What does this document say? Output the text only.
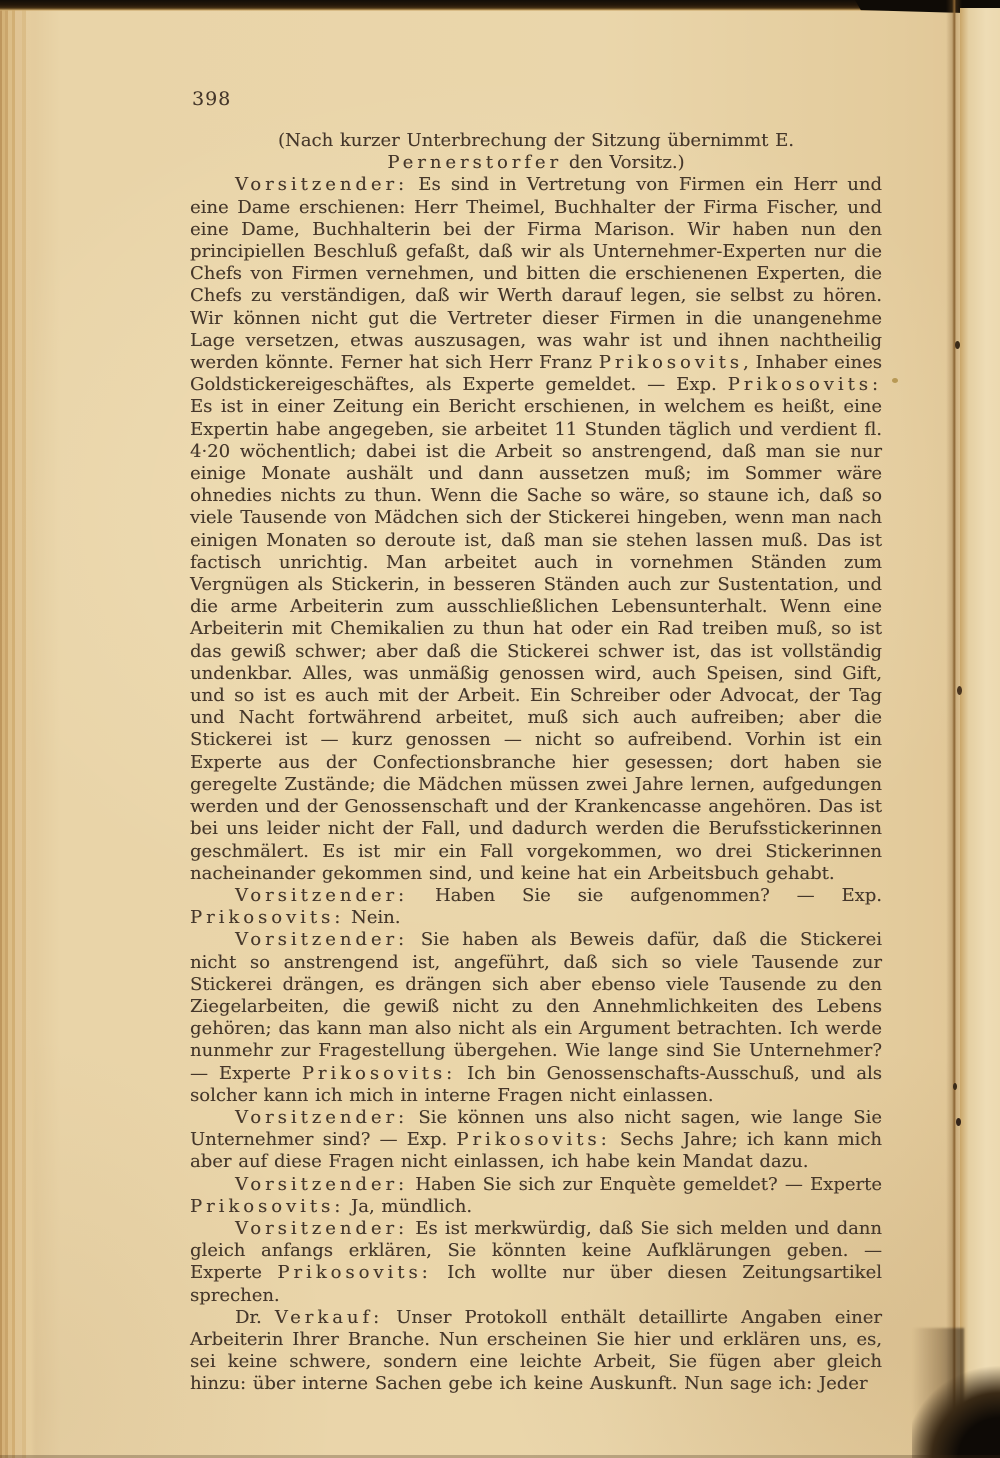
398

(Nach kurzer Unterbrechung der Sitzung übernimmt E. Pernerstorfer den Vorsitz.)

Vorsitzender: Es sind in Vertretung von Firmen ein Herr und eine Dame erschienen: Herr Theimel, Buchhalter der Firma Fischer, und eine Dame, Buchhalterin bei der Firma Marison. Wir haben nun den principiellen Beschluß gefaßt, daß wir als Unternehmer-Experten nur die Chefs von Firmen vernehmen, und bitten die erschienenen Experten, die Chefs zu verständigen, daß wir Werth darauf legen, sie selbst zu hören. Wir können nicht gut die Vertreter dieser Firmen in die unangenehme Lage versetzen, etwas auszusagen, was wahr ist und ihnen nachtheilig werden könnte. Ferner hat sich Herr Franz Prikosovits, Inhaber eines Goldstickereigeschäftes, als Experte gemeldet. — Exp. Prikosovits: Es ist in einer Zeitung ein Bericht erschienen, in welchem es heißt, eine Expertin habe angegeben, sie arbeitet 11 Stunden täglich und verdient fl. 4·20 wöchentlich; dabei ist die Arbeit so anstrengend, daß man sie nur einige Monate aushält und dann aussetzen muß; im Sommer wäre ohnedies nichts zu thun. Wenn die Sache so wäre, so staune ich, daß so viele Tausende von Mädchen sich der Stickerei hingeben, wenn man nach einigen Monaten so deroute ist, daß man sie stehen lassen muß. Das ist factisch unrichtig. Man arbeitet auch in vornehmen Ständen zum Vergnügen als Stickerin, in besseren Ständen auch zur Sustentation, und die arme Arbeiterin zum ausschließlichen Lebensunterhalt. Wenn eine Arbeiterin mit Chemikalien zu thun hat oder ein Rad treiben muß, so ist das gewiß schwer; aber daß die Stickerei schwer ist, das ist vollständig undenkbar. Alles, was unmäßig genossen wird, auch Speisen, sind Gift, und so ist es auch mit der Arbeit. Ein Schreiber oder Advocat, der Tag und Nacht fortwährend arbeitet, muß sich auch aufreiben; aber die Stickerei ist — kurz genossen — nicht so aufreibend. Vorhin ist ein Experte aus der Confectionsbranche hier gesessen; dort haben sie geregelte Zustände; die Mädchen müssen zwei Jahre lernen, aufgedungen werden und der Genossenschaft und der Krankencasse angehören. Das ist bei uns leider nicht der Fall, und dadurch werden die Berufsstickerinnen geschmälert. Es ist mir ein Fall vorgekommen, wo drei Stickerinnen nacheinander gekommen sind, und keine hat ein Arbeitsbuch gehabt.

Vorsitzender: Haben Sie sie aufgenommen? — Exp. Prikosovits: Nein.

Vorsitzender: Sie haben als Beweis dafür, daß die Stickerei nicht so anstrengend ist, angeführt, daß sich so viele Tausende zur Stickerei drängen, es drängen sich aber ebenso viele Tausende zu den Ziegelarbeiten, die gewiß nicht zu den Annehmlichkeiten des Lebens gehören; das kann man also nicht als ein Argument betrachten. Ich werde nunmehr zur Fragestellung übergehen. Wie lange sind Sie Unternehmer? — Experte Prikosovits: Ich bin Genossenschafts-Ausschuß, und als solcher kann ich mich in interne Fragen nicht einlassen.

Vorsitzender: Sie können uns also nicht sagen, wie lange Sie Unternehmer sind? — Exp. Prikosovits: Sechs Jahre; ich kann mich aber auf diese Fragen nicht einlassen, ich habe kein Mandat dazu.

Vorsitzender: Haben Sie sich zur Enquète gemeldet? — Experte Prikosovits: Ja, mündlich.

Vorsitzender: Es ist merkwürdig, daß Sie sich melden und dann gleich anfangs erklären, Sie könnten keine Aufklärungen geben. — Experte Prikosovits: Ich wollte nur über diesen Zeitungsartikel sprechen.

Dr. Verkauf: Unser Protokoll enthält detaillirte Angaben einer Arbeiterin Ihrer Branche. Nun erscheinen Sie hier und erklären uns, es, sei keine schwere, sondern eine leichte Arbeit, Sie fügen aber gleich hinzu: über interne Sachen gebe ich keine Auskunft. Nun sage ich: Jeder
